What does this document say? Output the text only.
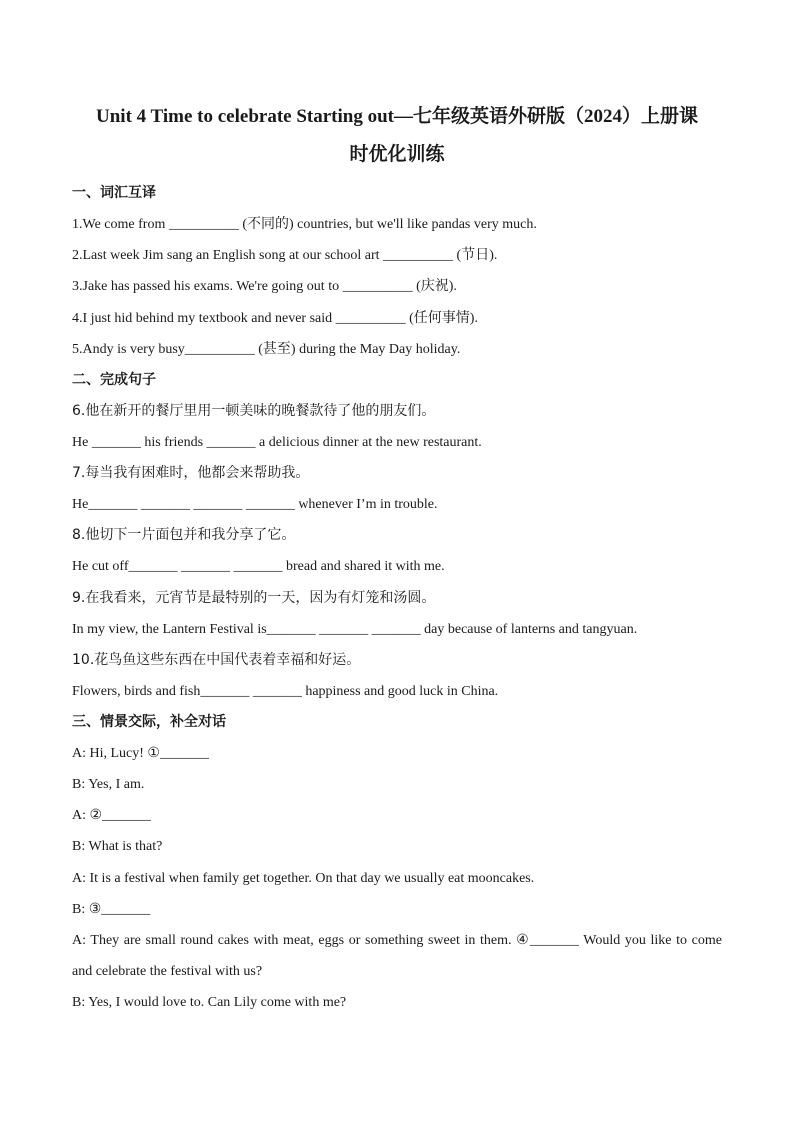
Unit 4 Time to celebrate Starting out—七年级英语外研版（2024）上册课
时优化训练
一、词汇互译
1.We come from __________ (不同的) countries, but we'll like pandas very much.
2.Last week Jim sang an English song at our school art __________ (节日).
3.Jake has passed his exams. We're going out to __________ (庆祝).
4.I just hid behind my textbook and never said __________ (任何事情).
5.Andy is very busy__________ (甚至) during the May Day holiday.
二、完成句子
6.他在新开的餐厅里用一顿美味的晚餐款待了他的朋友们。
He _______ his friends _______ a delicious dinner at the new restaurant.
7.每当我有困难时，他都会来帮助我。
He_______ _______ _______ _______ whenever I’m in trouble.
8.他切下一片面包并和我分享了它。
He cut off_______ _______ _______ bread and shared it with me.
9.在我看来，元宵节是最特别的一天，因为有灯笼和汤圆。
In my view, the Lantern Festival is_______ _______ _______ day because of lanterns and tangyuan.
10.花鸟鱼这些东西在中国代表着幸福和好运。
Flowers, birds and fish_______ _______ happiness and good luck in China.
三、情景交际，补全对话
A: Hi, Lucy! ①_______
B: Yes, I am.
A: ②_______
B: What is that?
A: It is a festival when family get together. On that day we usually eat mooncakes.
B: ③_______
A: They are small round cakes with meat, eggs or something sweet in them. ④_______ Would you like to come and celebrate the festival with us?
B: Yes, I would love to. Can Lily come with me?
